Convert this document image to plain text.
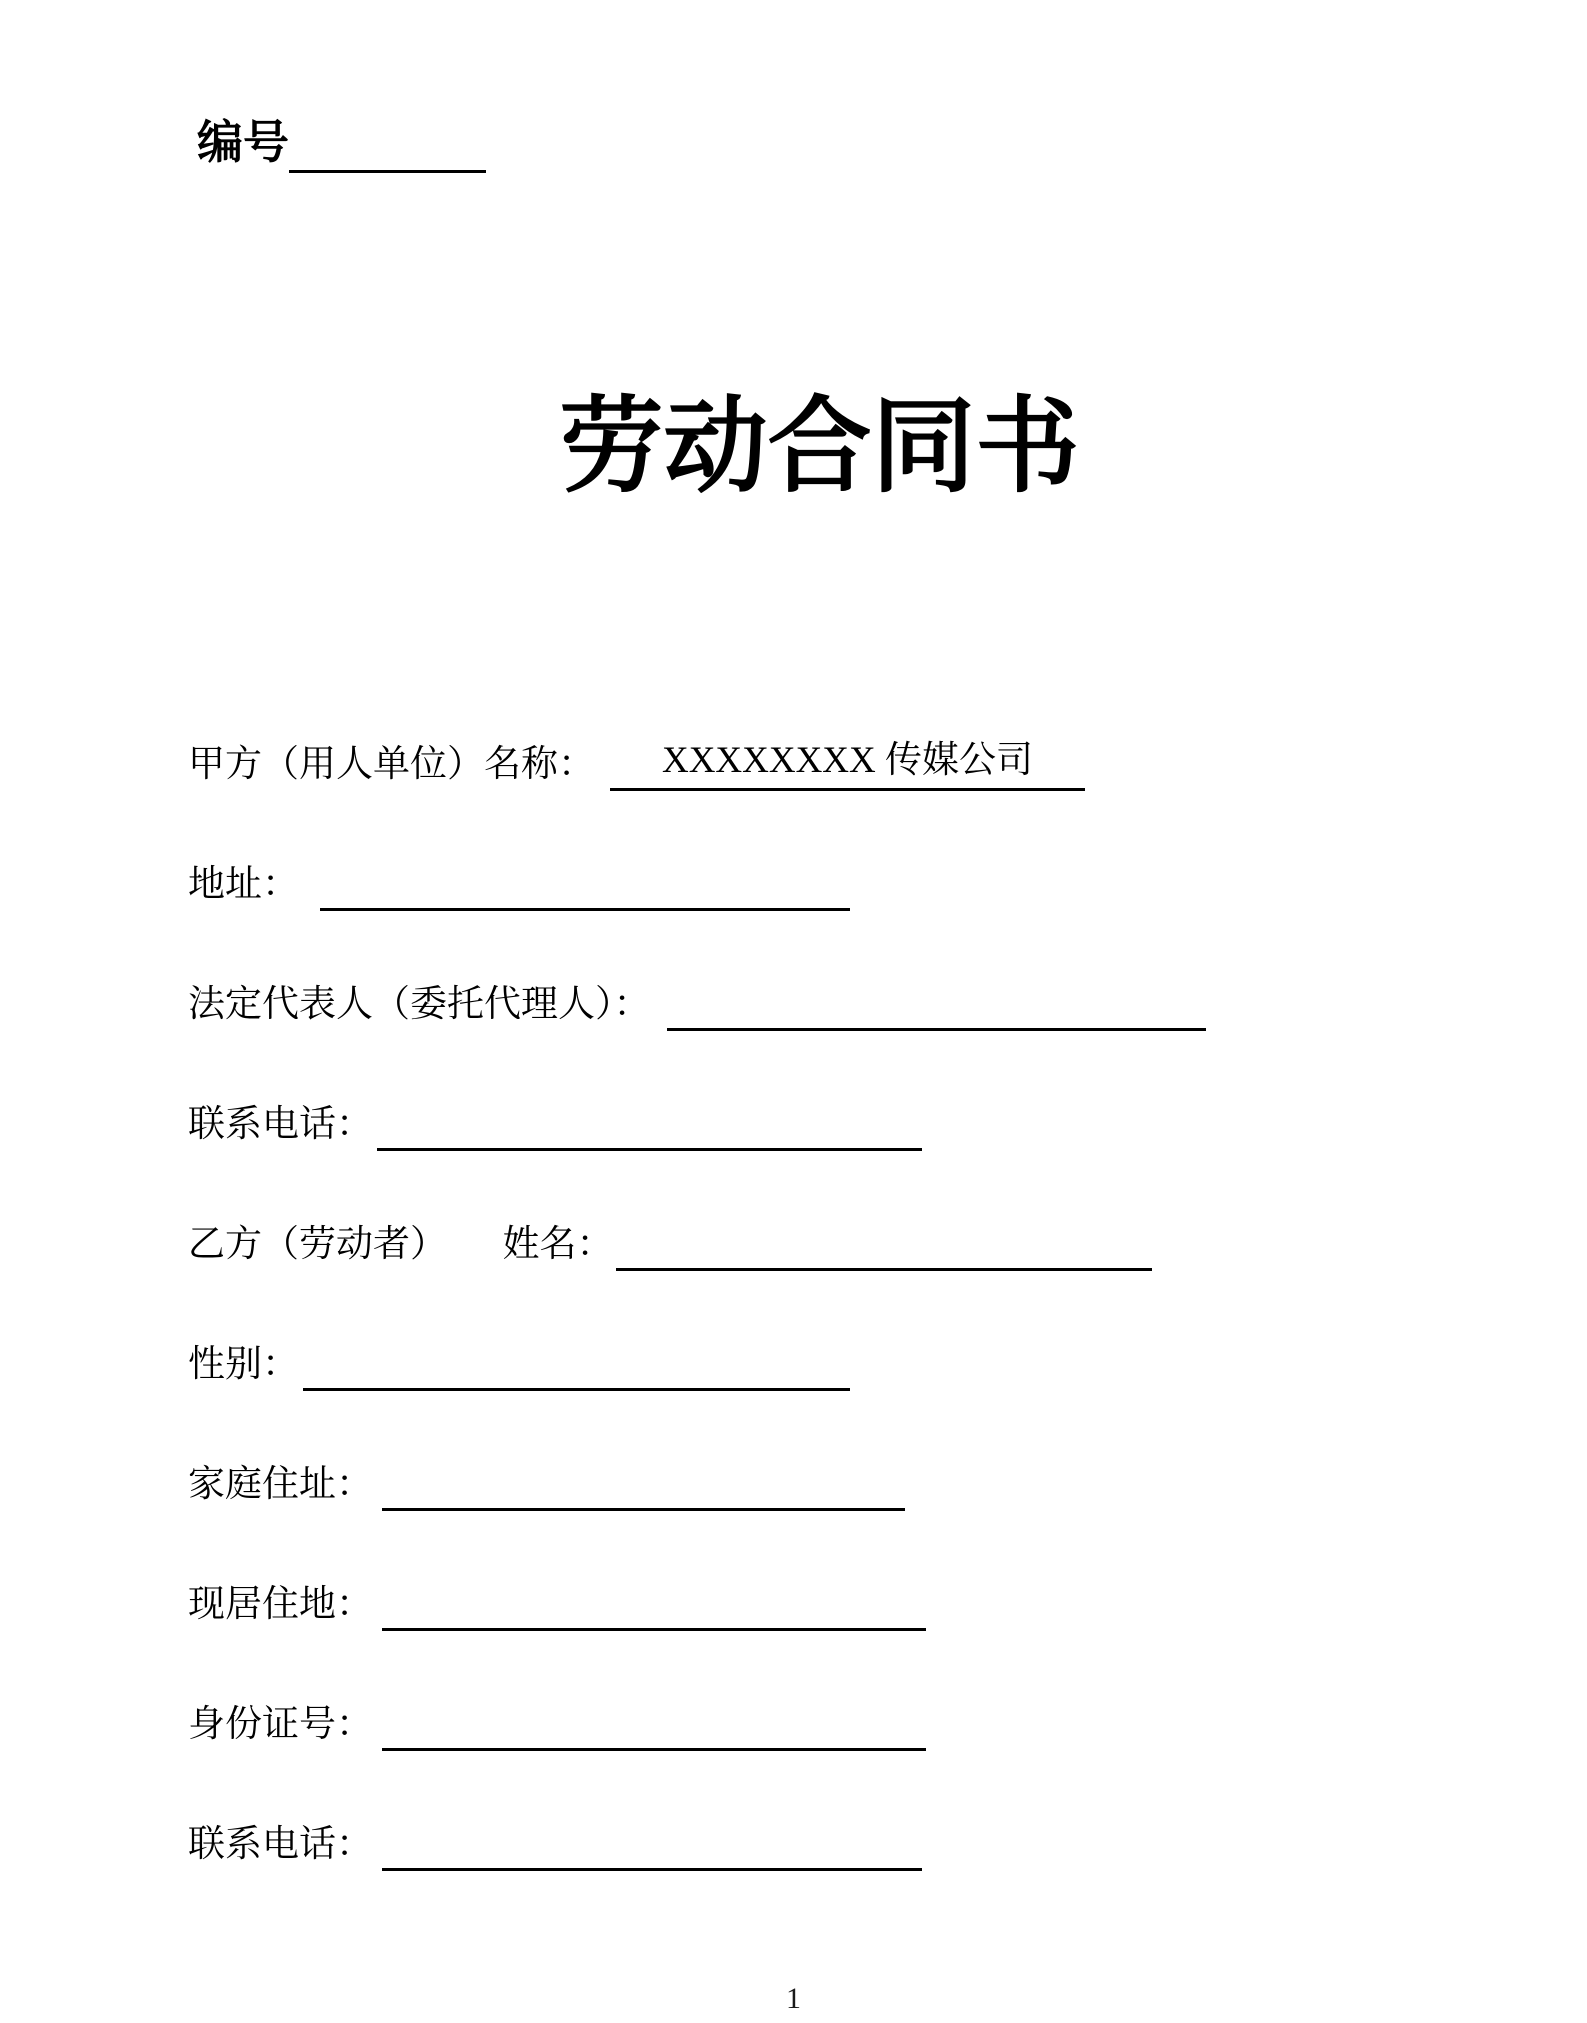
编号
劳动合同书
甲方（用人单位）名称：	XXXXXXXX 传媒公司
地址：
法定代表人（委托代理人）：
联系电话：
乙方（劳动者）　　姓名：
性别：
家庭住址：
现居住地：
身份证号：
联系电话：
1
